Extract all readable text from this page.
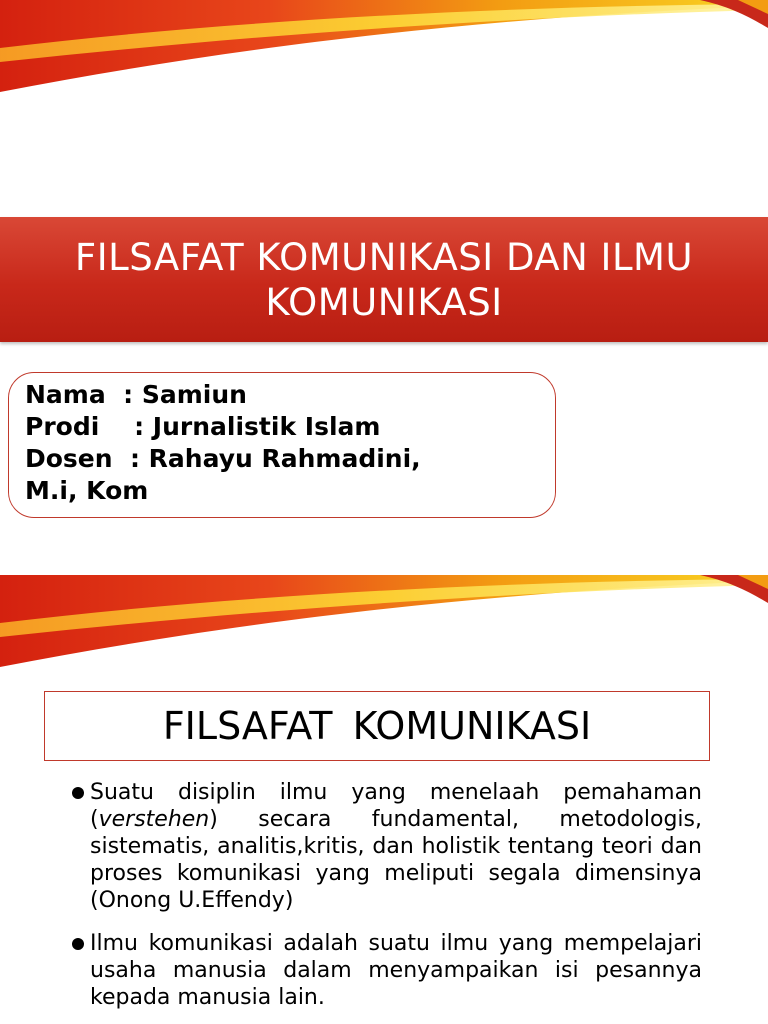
FILSAFAT KOMUNIKASI DAN ILMU KOMUNIKASI

Nama  : Samiun

Prodi    : Jurnalistik Islam

Dosen  : Rahayu Rahmadini,

M.i, Kom

FILSAFAT KOMUNIKASI
Suatu disiplin ilmu yang menelaah pemahaman (verstehen) secara fundamental, metodologis, sistematis, analitis,kritis, dan holistik tentang teori dan proses komunikasi yang meliputi segala dimensinya (Onong U.Effendy)
Ilmu komunikasi adalah suatu ilmu yang mempelajari usaha manusia dalam menyampaikan isi pesannya kepada manusia lain.
